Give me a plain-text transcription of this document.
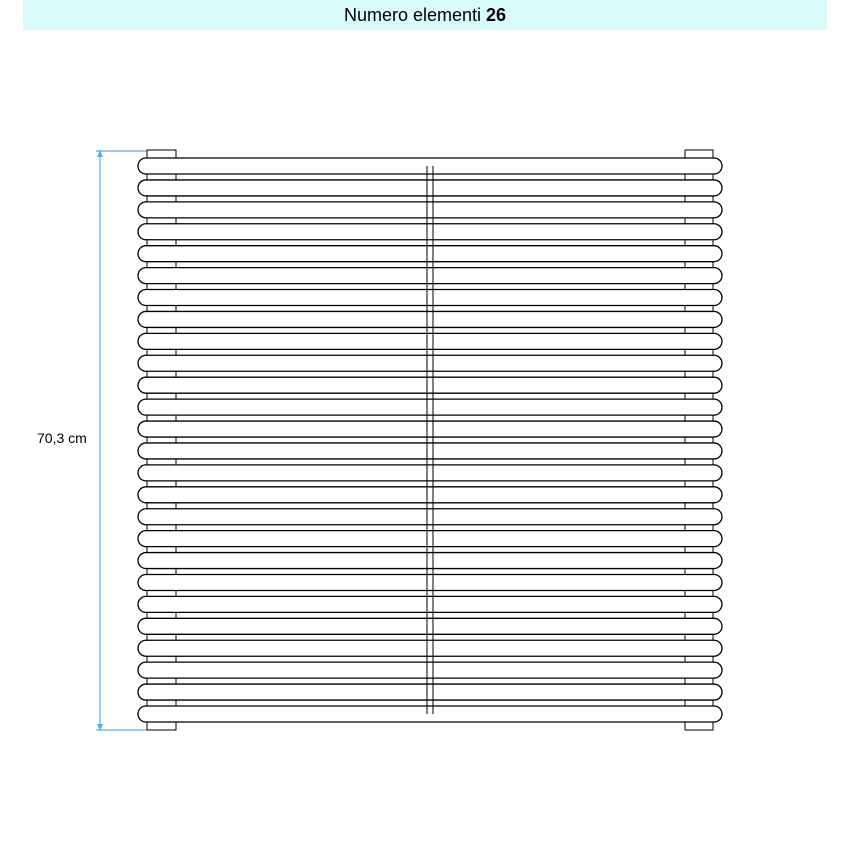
Numero elementi 26
70,3 cm
